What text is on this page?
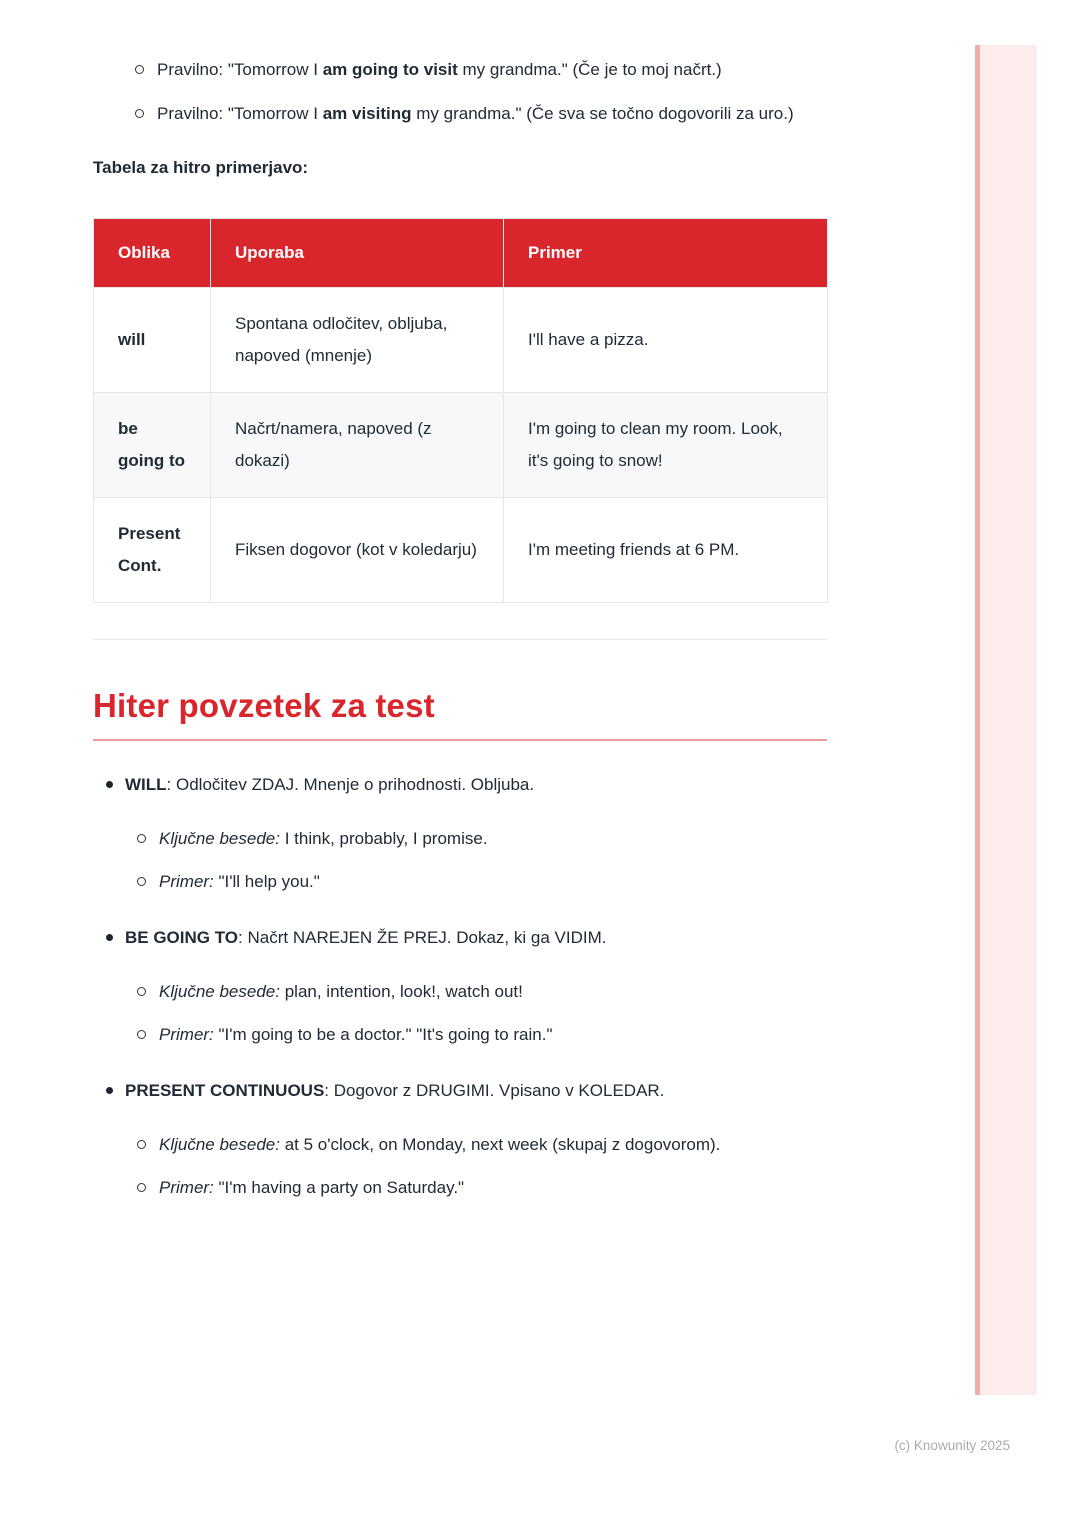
Pravilno: "Tomorrow I am going to visit my grandma." (Če je to moj načrt.)
Pravilno: "Tomorrow I am visiting my grandma." (Če sva se točno dogovorili za uro.)

Tabela za hitro primerjavo:

Oblika	Uporaba	Primer
will	Spontana odločitev, obljuba, napoved (mnenje)	I'll have a pizza.
be going to	Načrt/namera, napoved (z dokazi)	I'm going to clean my room. Look, it's going to snow!
Present Cont.	Fiksen dogovor (kot v koledarju)	I'm meeting friends at 6 PM.
Hiter povzetek za test
WILL: Odločitev ZDAJ. Mnenje o prihodnosti. Obljuba.
Ključne besede: I think, probably, I promise.
Primer: "I'll help you."
BE GOING TO: Načrt NAREJEN ŽE PREJ. Dokaz, ki ga VIDIM.
Ključne besede: plan, intention, look!, watch out!
Primer: "I'm going to be a doctor." "It's going to rain."
PRESENT CONTINUOUS: Dogovor z DRUGIMI. Vpisano v KOLEDAR.
Ključne besede: at 5 o'clock, on Monday, next week (skupaj z dogovorom).
Primer: "I'm having a party on Saturday."
(c) Knowunity 2025
